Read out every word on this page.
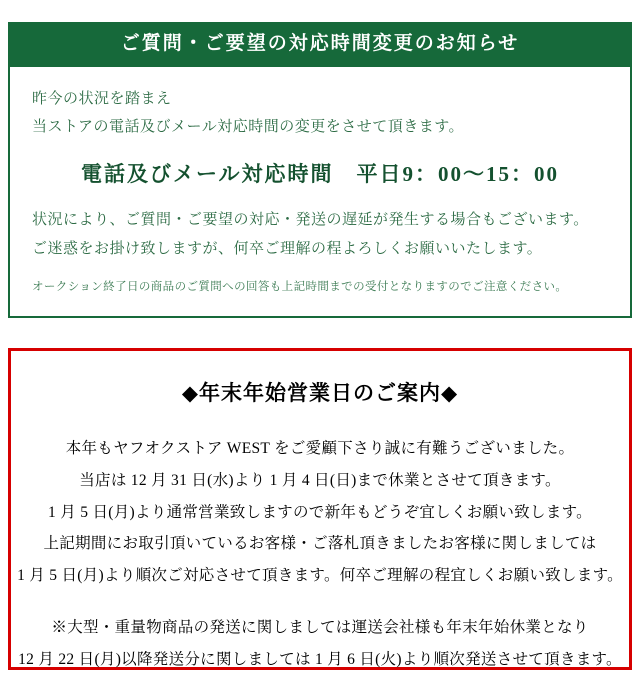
ご質問・ご要望の対応時間変更のお知らせ
昨今の状況を踏まえ
当ストアの電話及びメール対応時間の変更をさせて頂きます。
電話及びメール対応時間　平日9：00〜15：00
状況により、ご質問・ご要望の対応・発送の遅延が発生する場合もございます。
ご迷惑をお掛け致しますが、何卒ご理解の程よろしくお願いいたします。
オークション終了日の商品のご質問への回答も上記時間までの受付となりますのでご注意ください。
◆年末年始営業日のご案内◆
本年もヤフオクストア WEST をご愛顧下さり誠に有難うございました。
当店は 12 月 31 日(水)より 1 月 4 日(日)まで休業とさせて頂きます。
1 月 5 日(月)より通常営業致しますので新年もどうぞ宜しくお願い致します。
上記期間にお取引頂いているお客様・ご落札頂きましたお客様に関しましては
1 月 5 日(月)より順次ご対応させて頂きます。何卒ご理解の程宜しくお願い致します。
※大型・重量物商品の発送に関しましては運送会社様も年末年始休業となり
12 月 22 日(月)以降発送分に関しましては 1 月 6 日(火)より順次発送させて頂きます。
